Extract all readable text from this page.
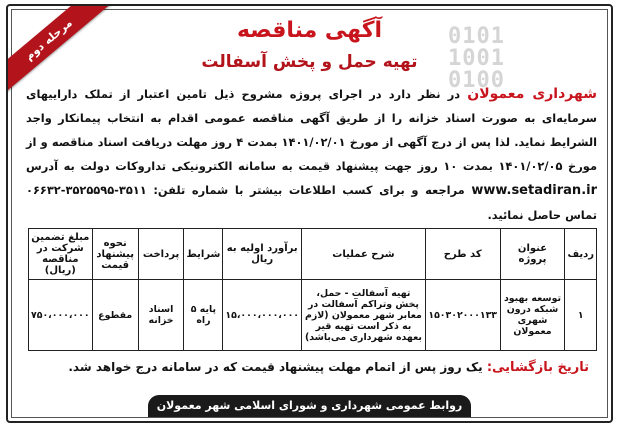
0101
1001
0100
مرحله دوم	آگهی مناقصه
تهیه حمل و پخش آسفالت
شهرداری معمولان در نظر دارد در اجرای پروژه مشروح ذیل تامین اعتبار از تملک داراییهای سرمایه‌ای به صورت اسناد خزانه را از طریق آگهی مناقصه عمومی اقدام به انتخاب پیمانکار واجد الشرایط نماید. لذا پس از درج آگهی از مورخ ۱۴۰۱/۰۲/۰۱ بمدت ۴ روز مهلت دریافت اسناد مناقصه و از مورخ ۱۴۰۱/۰۲/۰۵ بمدت ۱۰ روز جهت پیشنهاد قیمت به سامانه الکترونیکی تداروکات دولت به آدرس www.setadiran.ir مراجعه و برای کسب اطلاعات بیشتر با شماره تلفن: ۳۵۱۱-۳۵۲۵۵۹۵-۰۶۶۳۲ تماس حاصل نمائید.
ردیف	عنوان پروژه	کد طرح	شرح عملیات	برآورد اولیه به ریال	شرایط	پرداخت	نحوه پیشنهاد قیمت	مبلغ تضمین شرکت در مناقصه (ریال)
۱	توسعه بهبود شبکه درون شهری معمولان	۱۵۰۳۰۲۰۰۰۱۳۳	تهیه آسفالت - حمل، پخش وتراکم آسفالت در معابر شهر معمولان (لازم به ذکر است تهیه قیر بعهده شهرداری می‌باشد)	۱۵،۰۰۰،۰۰۰،۰۰۰	پایه ۵ راه	اسناد خزانه	مقطوع	۷۵۰،۰۰۰،۰۰۰
تاریخ بازگشایی: یک روز پس از اتمام مهلت پیشنهاد قیمت که در سامانه درج خواهد شد.
روابط عمومی شهرداری و شورای اسلامی شهر معمولان
